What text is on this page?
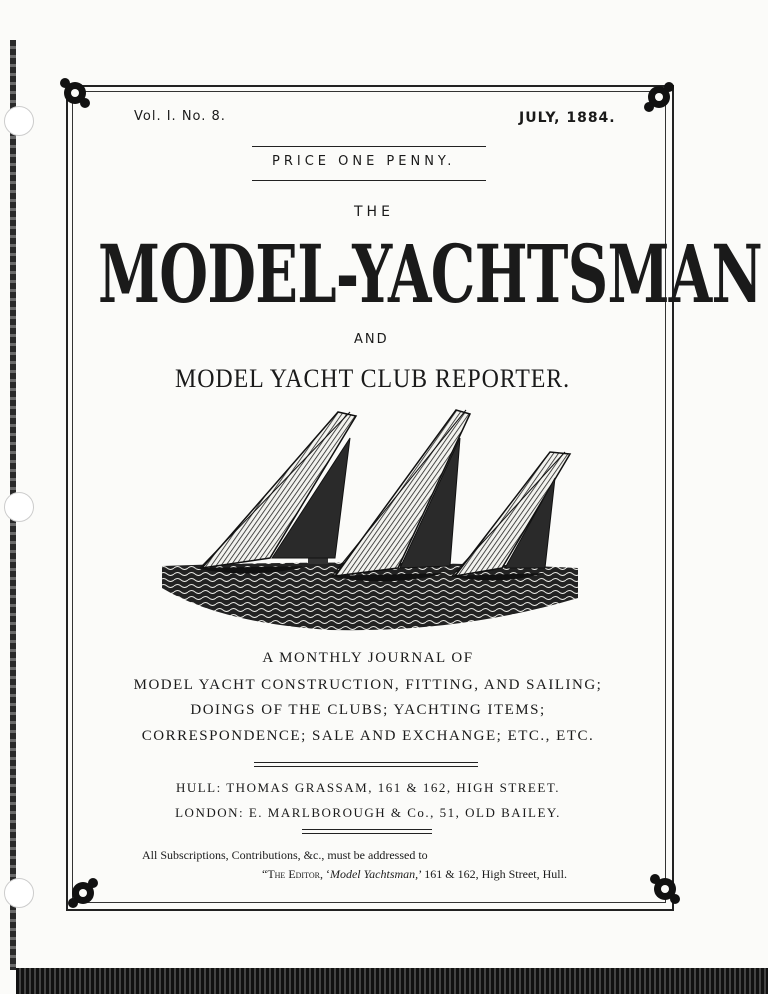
Vol. I. No. 8.	JULY, 1884.
PRICE ONE PENNY.
THE
MODEL-YACHTSMAN
AND
MODEL YACHT CLUB REPORTER.
A MONTHLY JOURNAL OF
MODEL YACHT CONSTRUCTION, FITTING, AND SAILING;
DOINGS OF THE CLUBS; YACHTING ITEMS;
CORRESPONDENCE; SALE AND EXCHANGE; ETC., ETC.
HULL: THOMAS GRASSAM, 161 & 162, HIGH STREET.
LONDON: E. MARLBOROUGH & Co., 51, OLD BAILEY.
All Subscriptions, Contributions, &c., must be addressed to
“The Editor, ‘Model Yachtsman,’ 161 & 162, High Street, Hull.
